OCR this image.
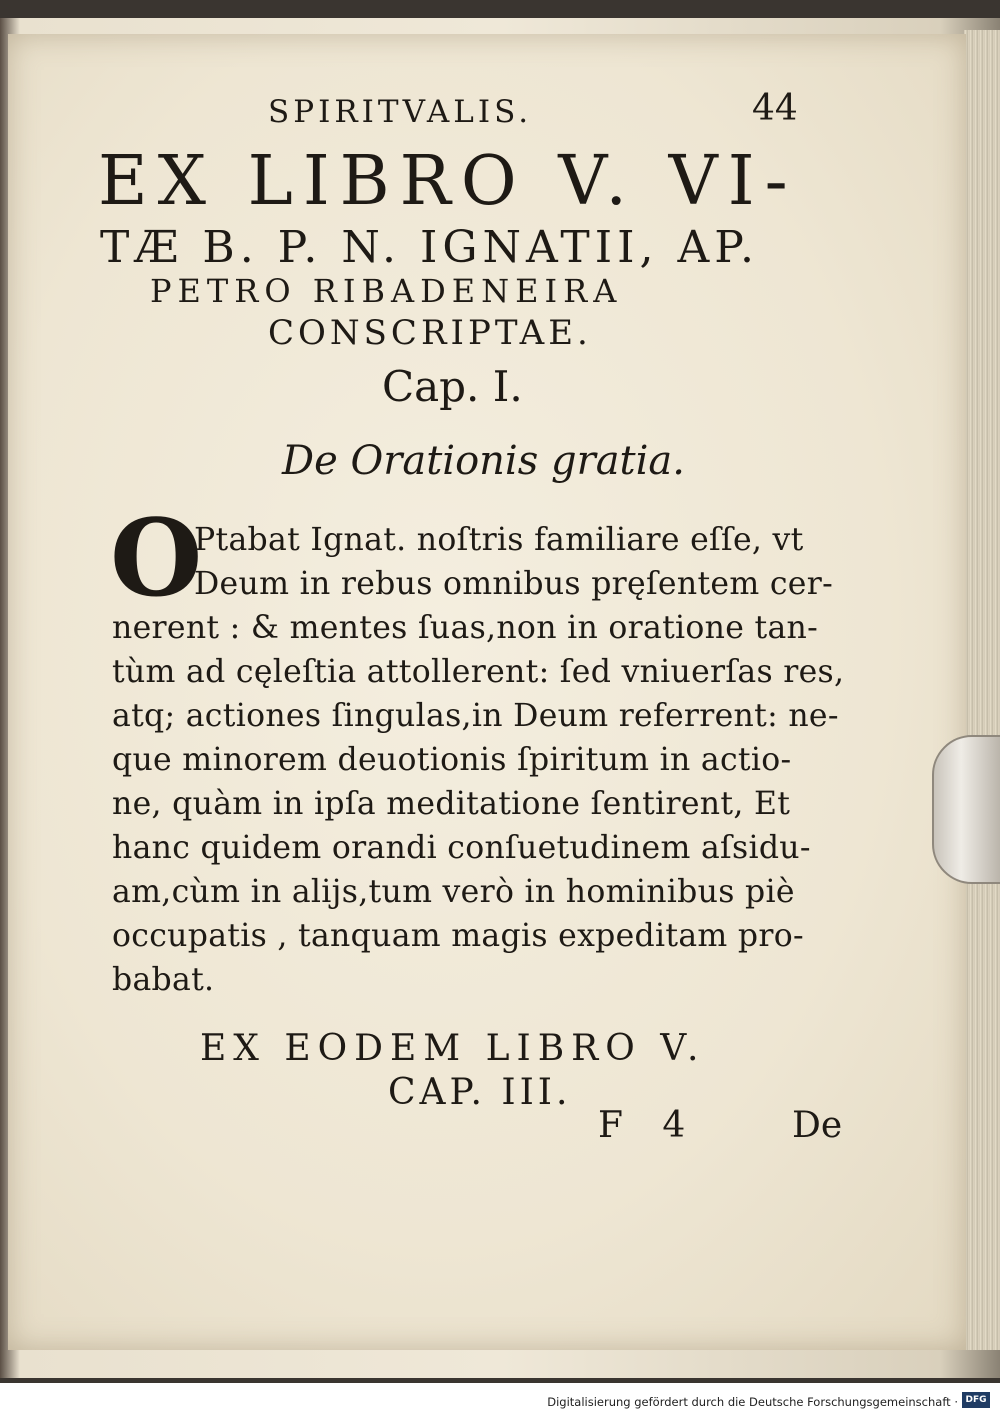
SPIRITVALIS.	44
EX LIBRO V. VI-
TÆ B. P. N. IGNATII, AP.
PETRO RIBADENEIRA
CONSCRIPTAE.
Cap. I.
De Orationis gratia.
O
Ptabat Ignat. noſtris familiare eſſe, vt
Deum in rebus omnibus pręſentem cer-
nerent : & mentes ſuas,non in oratione tan-
tùm ad cęleſtia attollerent: ſed vniuerſas res,
atq; actiones ſingulas,in Deum referrent: ne-
que minorem deuotionis ſpiritum in actio-
ne, quàm in ipſa meditatione ſentirent, Et
hanc quidem orandi conſuetudinem aſsidu-
am,cùm in alijs,tum verò in hominibus piè
occupatis , tanquam magis expeditam pro-
babat.
EX EODEM LIBRO V.
CAP. III.
F 4	De
Digitalisierung gefördert durch die Deutsche Forschungsgemeinschaft · DFG
